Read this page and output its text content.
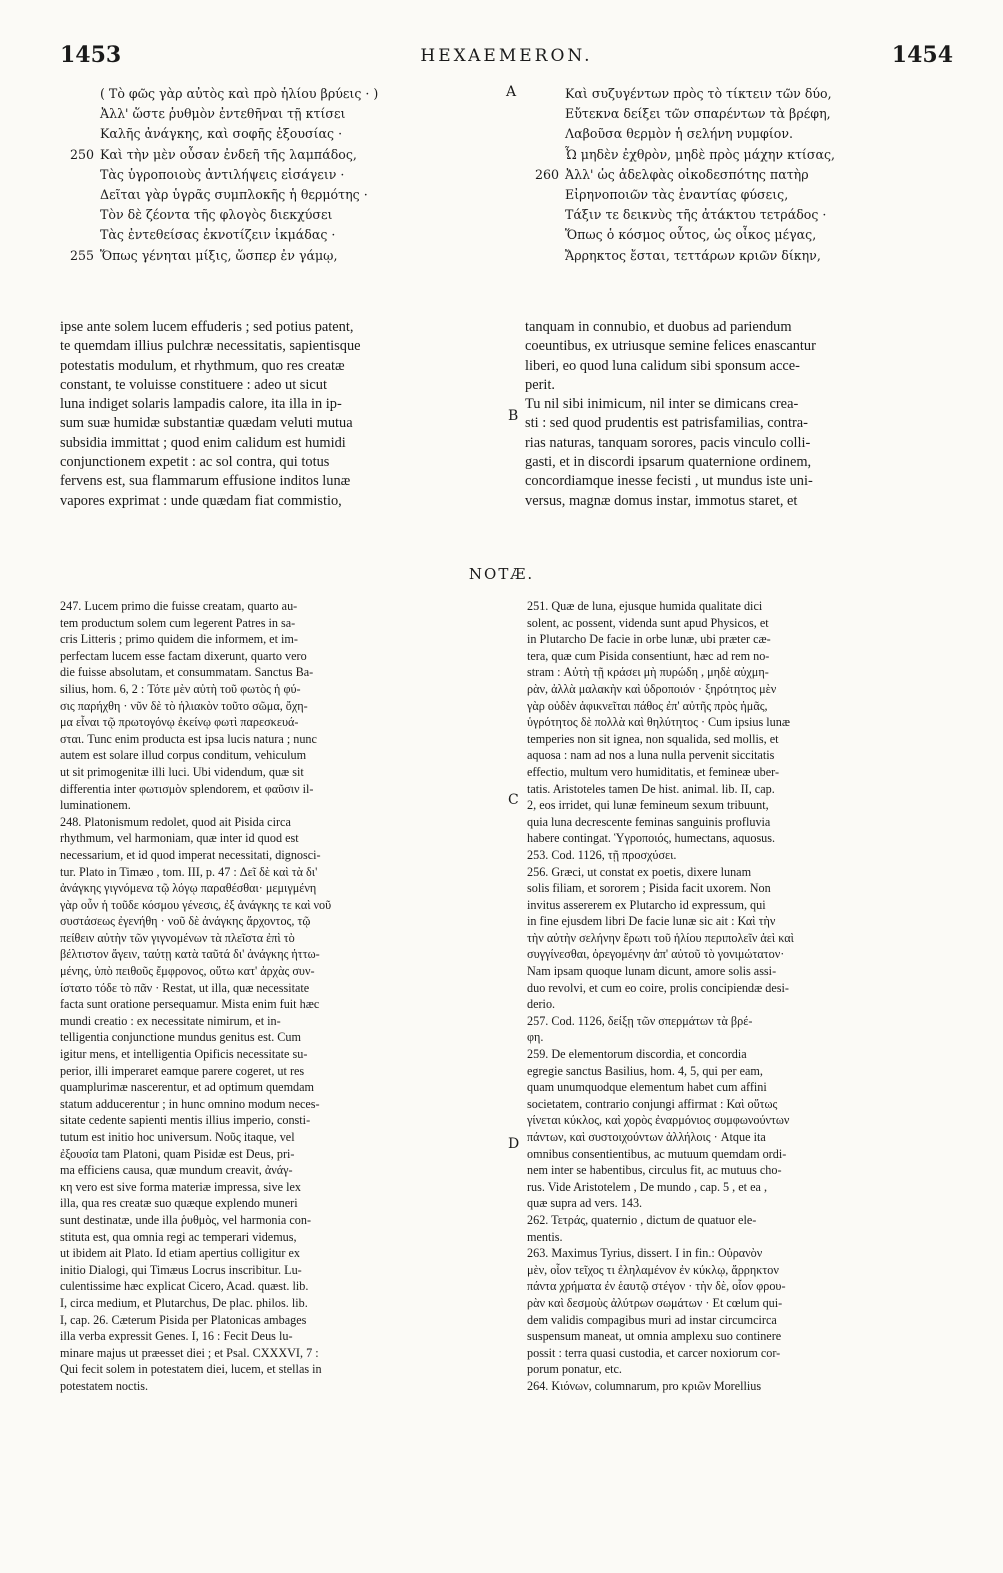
1453	HEXAEMERON.	1454
( Τὸ φῶς γὰρ αὐτὸς καὶ πρὸ ἡλίου βρύεις · )
Ἀλλ' ὥστε ῥυθμὸν ἐντεθῆναι τῇ κτίσει
Καλῆς ἀνάγκης, καὶ σοφῆς ἐξουσίας ·
250 Καὶ τὴν μὲν οὖσαν ἐνδεῆ τῆς λαμπάδος,
Τὰς ὑγροποιοὺς ἀντιλήψεις εἰσάγειν ·
Δεῖται γὰρ ὑγρᾶς συμπλοκῆς ἡ θερμότης ·
Τὸν δὲ ζέοντα τῆς φλογὸς διεκχύσει
Τὰς ἐντεθείσας ἐκνοτίζειν ἰκμάδας ·
255 Ὅπως γένηται μίξις, ὥσπερ ἐν γάμῳ,
Καὶ συζυγέντων πρὸς τὸ τίκτειν τῶν δύο,
Εὔτεκνα δείξει τῶν σπαρέντων τὰ βρέφη,
Λαβοῦσα θερμὸν ἡ σελήνη νυμφίον.
Ὦ μηδὲν ἐχθρὸν, μηδὲ πρὸς μάχην κτίσας,
260 Ἀλλ' ὡς ἀδελφὰς οἰκοδεσπότης πατὴρ
Εἰρηνοποιῶν τὰς ἐναντίας φύσεις,
Τάξιν τε δεικνὺς τῆς ἀτάκτου τετράδος ·
Ὅπως ὁ κόσμος οὗτος, ὡς οἶκος μέγας,
Ἄρρηκτος ἔσται, τεττάρων κριῶν δίκην,
A
B
C
D
ipse ante solem lucem effuderis ; sed potius patent,
te quemdam illius pulchræ necessitatis, sapientisque
potestatis modulum, et rhythmum, quo res creatæ
constant, te voluisse constituere : adeo ut sicut
luna indiget solaris lampadis calore, ita illa in ip-
sum suæ humidæ substantiæ quædam veluti mutua
subsidia immittat ; quod enim calidum est humidi
conjunctionem expetit : ac sol contra, qui totus
fervens est, sua flammarum effusione inditos lunæ
vapores exprimat : unde quædam fiat commistio,
tanquam in connubio, et duobus ad pariendum
coeuntibus, ex utriusque semine felices enascantur
liberi, eo quod luna calidum sibi sponsum acce-
perit.
Tu nil sibi inimicum, nil inter se dimicans crea-
sti : sed quod prudentis est patrisfamilias, contra-
rias naturas, tanquam sorores, pacis vinculo colli-
gasti, et in discordi ipsarum quaternione ordinem,
concordiamque inesse fecisti , ut mundus iste uni-
versus, magnæ domus instar, immotus staret, et
NOTÆ.
247. Lucem primo die fuisse creatam, quarto au-
tem productum solem cum legerent Patres in sa-
cris Litteris ; primo quidem die informem, et im-
perfectam lucem esse factam dixerunt, quarto vero
die fuisse absolutam, et consummatam. Sanctus Ba-
silius, hom. 6, 2 : Τότε μὲν αὐτὴ τοῦ φωτὸς ἡ φύ-
σις παρήχθη · νῦν δὲ τὸ ἡλιακὸν τοῦτο σῶμα, ὄχη-
μα εἶναι τῷ πρωτογόνῳ ἐκείνῳ φωτὶ παρεσκευά-
σται. Tunc enim producta est ipsa lucis natura ; nunc
autem est solare illud corpus conditum, vehiculum
ut sit primogenitæ illi luci. Ubi videndum, quæ sit
differentia inter φωτισμὸν splendorem, et φαῦσιν il-
luminationem.
248. Platonismum redolet, quod ait Pisida circa
rhythmum, vel harmoniam, quæ inter id quod est
necessarium, et id quod imperat necessitati, dignosci-
tur. Plato in Timæo , tom. III, p. 47 : Δεῖ δὲ καὶ τὰ δι'
ἀνάγκης γιγνόμενα τῷ λόγῳ παραθέσθαι· μεμιγμένη
γὰρ οὖν ἡ τοῦδε κόσμου γένεσις, ἐξ ἀνάγκης τε καὶ νοῦ
συστάσεως ἐγενήθη · νοῦ δὲ ἀνάγκης ἄρχοντος, τῷ
πείθειν αὐτὴν τῶν γιγνομένων τὰ πλεῖστα ἐπὶ τὸ
βέλτιστον ἄγειν, ταύτῃ κατὰ ταῦτά δι' ἀνάγκης ἡττω-
μένης, ὑπὸ πειθοῦς ἔμφρονος, οὕτω κατ' ἀρχὰς συν-
ίστατο τόδε τὸ πᾶν · Restat, ut illa, quæ necessitate
facta sunt oratione persequamur. Mista enim fuit hæc
mundi creatio : ex necessitate nimirum, et in-
telligentia conjunctione mundus genitus est. Cum
igitur mens, et intelligentia Opificis necessitate su-
perior, illi imperaret eamque parere cogeret, ut res
quamplurimæ nascerentur, et ad optimum quemdam
statum adducerentur ; in hunc omnino modum neces-
sitate cedente sapienti mentis illius imperio, consti-
tutum est initio hoc universum. Νοῦς itaque, vel
ἐξουσία tam Platoni, quam Pisidæ est Deus, pri-
ma efficiens causa, quæ mundum creavit, ἀνάγ-
κη vero est sive forma materiæ impressa, sive lex
illa, qua res creatæ suo quæque explendo muneri
sunt destinatæ, unde illa ῥυθμὸς, vel harmonia con-
stituta est, qua omnia regi ac temperari videmus,
ut ibidem ait Plato. Id etiam apertius colligitur ex
initio Dialogi, qui Timæus Locrus inscribitur. Lu-
culentissime hæc explicat Cicero, Acad. quæst. lib.
I, circa medium, et Plutarchus, De plac. philos. lib.
I, cap. 26. Cæterum Pisida per Platonicas ambages
illa verba expressit Genes. I, 16 : Fecit Deus lu-
minare majus ut præesset diei ; et Psal. CXXXVI, 7 :
Qui fecit solem in potestatem diei, lucem, et stellas in
potestatem noctis.
251. Quæ de luna, ejusque humida qualitate dici
solent, ac possent, videnda sunt apud Physicos, et
in Plutarcho De facie in orbe lunæ, ubi præter cæ-
tera, quæ cum Pisida consentiunt, hæc ad rem no-
stram : Αὐτὴ τῇ κράσει μὴ πυρώδη , μηδὲ αὐχμη-
ρὰν, ἀλλὰ μαλακὴν καὶ ὑδροποιόν · ξηρότητος μὲν
γὰρ οὐδὲν ἀφικνεῖται πάθος ἐπ' αὐτῆς πρὸς ἡμᾶς,
ὑγρότητος δὲ πολλὰ καὶ θηλύτητος · Cum ipsius lunæ
temperies non sit ignea, non squalida, sed mollis, et
aquosa : nam ad nos a luna nulla pervenit siccitatis
effectio, multum vero humiditatis, et femineæ uber-
tatis. Aristoteles tamen De hist. animal. lib. II, cap.
2, eos irridet, qui lunæ femineum sexum tribuunt,
quia luna decrescente feminas sanguinis profluvia
habere contingat. Ὑγροποιός, humectans, aquosus.
253. Cod. 1126, τῇ προσχύσει.
256. Græci, ut constat ex poetis, dixere lunam
solis filiam, et sororem ; Pisida facit uxorem. Non
invitus assererem ex Plutarcho id expressum, qui
in fine ejusdem libri De facie lunæ sic ait : Καὶ τὴν
τὴν αὐτὴν σελήνην ἔρωτι τοῦ ἡλίου περιπολεῖν ἀεὶ καὶ
συγγίνεσθαι, ὀρεγομένην ἀπ' αὐτοῦ τὸ γονιμώτατον·
Nam ipsam quoque lunam dicunt, amore solis assi-
duo revolvi, et cum eo coire, prolis concipiendæ desi-
derio.
257. Cod. 1126, δείξῃ τῶν σπερμάτων τὰ βρέ-
φη.
259. De elementorum discordia, et concordia
egregie sanctus Basilius, hom. 4, 5, qui per eam,
quam unumquodque elementum habet cum affini
societatem, contrario conjungi affirmat : Καὶ οὕτως
γίνεται κύκλος, καὶ χορὸς ἐναρμόνιος συμφωνούντων
πάντων, καὶ συστοιχούντων ἀλλήλοις · Atque ita
omnibus consentientibus, ac mutuum quemdam ordi-
nem inter se habentibus, circulus fit, ac mutuus cho-
rus. Vide Aristotelem , De mundo , cap. 5 , et ea ,
quæ supra ad vers. 143.
262. Τετράς, quaternio , dictum de quatuor ele-
mentis.
263. Maximus Tyrius, dissert. I in fin.: Οὐρανὸν
μὲν, οἷον τεῖχος τι ἐληλαμένον ἐν κύκλῳ, ἄρρηκτον
πάντα χρήματα ἐν ἑαυτῷ στέγον · τὴν δὲ, οἷον φρου-
ρὰν καὶ δεσμοὺς ἀλύτρων σωμάτων · Et cœlum qui-
dem validis compagibus muri ad instar circumcirca
suspensum maneat, ut omnia amplexu suo continere
possit : terra quasi custodia, et carcer noxiorum cor-
porum ponatur, etc.
264. Κιόνων, columnarum, pro κριῶν Morellius
